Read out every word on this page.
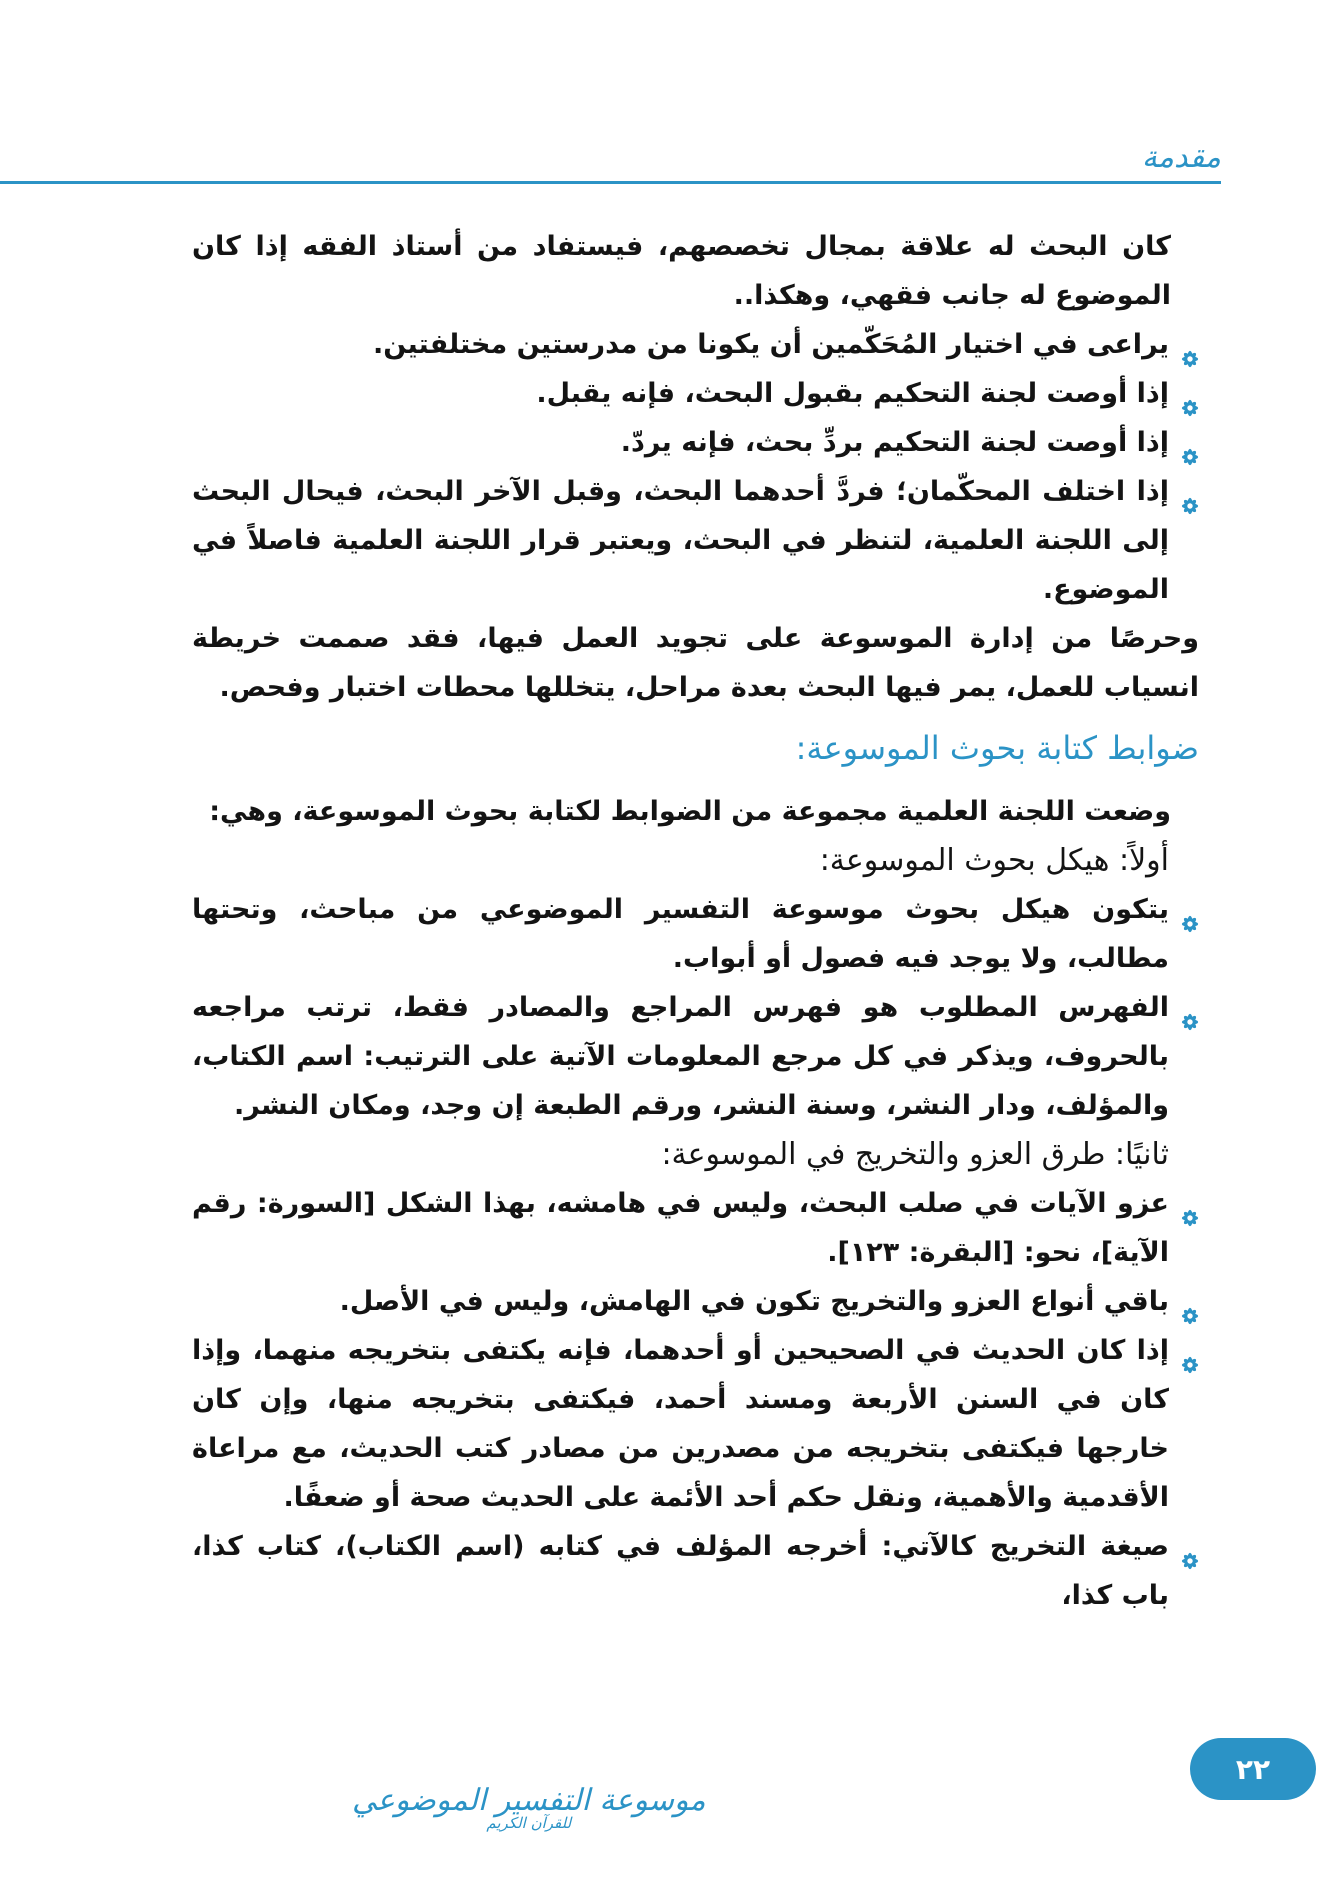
مقدمة

كان البحث له علاقة بمجال تخصصهم، فيستفاد من أستاذ الفقه إذا كان الموضوع له جانب فقهي، وهكذا..

يراعى في اختيار المُحَكّمين أن يكونا من مدرستين مختلفتين.
إذا أوصت لجنة التحكيم بقبول البحث، فإنه يقبل.
إذا أوصت لجنة التحكيم بردِّ بحث، فإنه يردّ.
إذا اختلف المحكّمان؛ فردَّ أحدهما البحث، وقبل الآخر البحث، فيحال البحث إلى اللجنة العلمية، لتنظر في البحث، ويعتبر قرار اللجنة العلمية فاصلاً في الموضوع.

وحرصًا من إدارة الموسوعة على تجويد العمل فيها، فقد صممت خريطة انسياب للعمل، يمر فيها البحث بعدة مراحل، يتخللها محطات اختبار وفحص.

ضوابط كتابة بحوث الموسوعة:

وضعت اللجنة العلمية مجموعة من الضوابط لكتابة بحوث الموسوعة، وهي:

أولاً: هيكل بحوث الموسوعة:

يتكون هيكل بحوث موسوعة التفسير الموضوعي من مباحث، وتحتها مطالب، ولا يوجد فيه فصول أو أبواب.
الفهرس المطلوب هو فهرس المراجع والمصادر فقط، ترتب مراجعه بالحروف، ويذكر في كل مرجع المعلومات الآتية على الترتيب: اسم الكتاب، والمؤلف، ودار النشر، وسنة النشر، ورقم الطبعة إن وجد، ومكان النشر.

ثانيًا: طرق العزو والتخريج في الموسوعة:

عزو الآيات في صلب البحث، وليس في هامشه، بهذا الشكل [السورة: رقم الآية]، نحو: [البقرة: ١٢٣].
باقي أنواع العزو والتخريج تكون في الهامش، وليس في الأصل.
إذا كان الحديث في الصحيحين أو أحدهما، فإنه يكتفى بتخريجه منهما، وإذا كان في السنن الأربعة ومسند أحمد، فيكتفى بتخريجه منها، وإن كان خارجها فيكتفى بتخريجه من مصدرين من مصادر كتب الحديث، مع مراعاة الأقدمية والأهمية، ونقل حكم أحد الأئمة على الحديث صحة أو ضعفًا.
صيغة التخريج كالآتي: أخرجه المؤلف في كتابه (اسم الكتاب)، كتاب كذا، باب كذا،
موسوعة التفسير الموضوعي
للقرآن الكريم
٢٢
